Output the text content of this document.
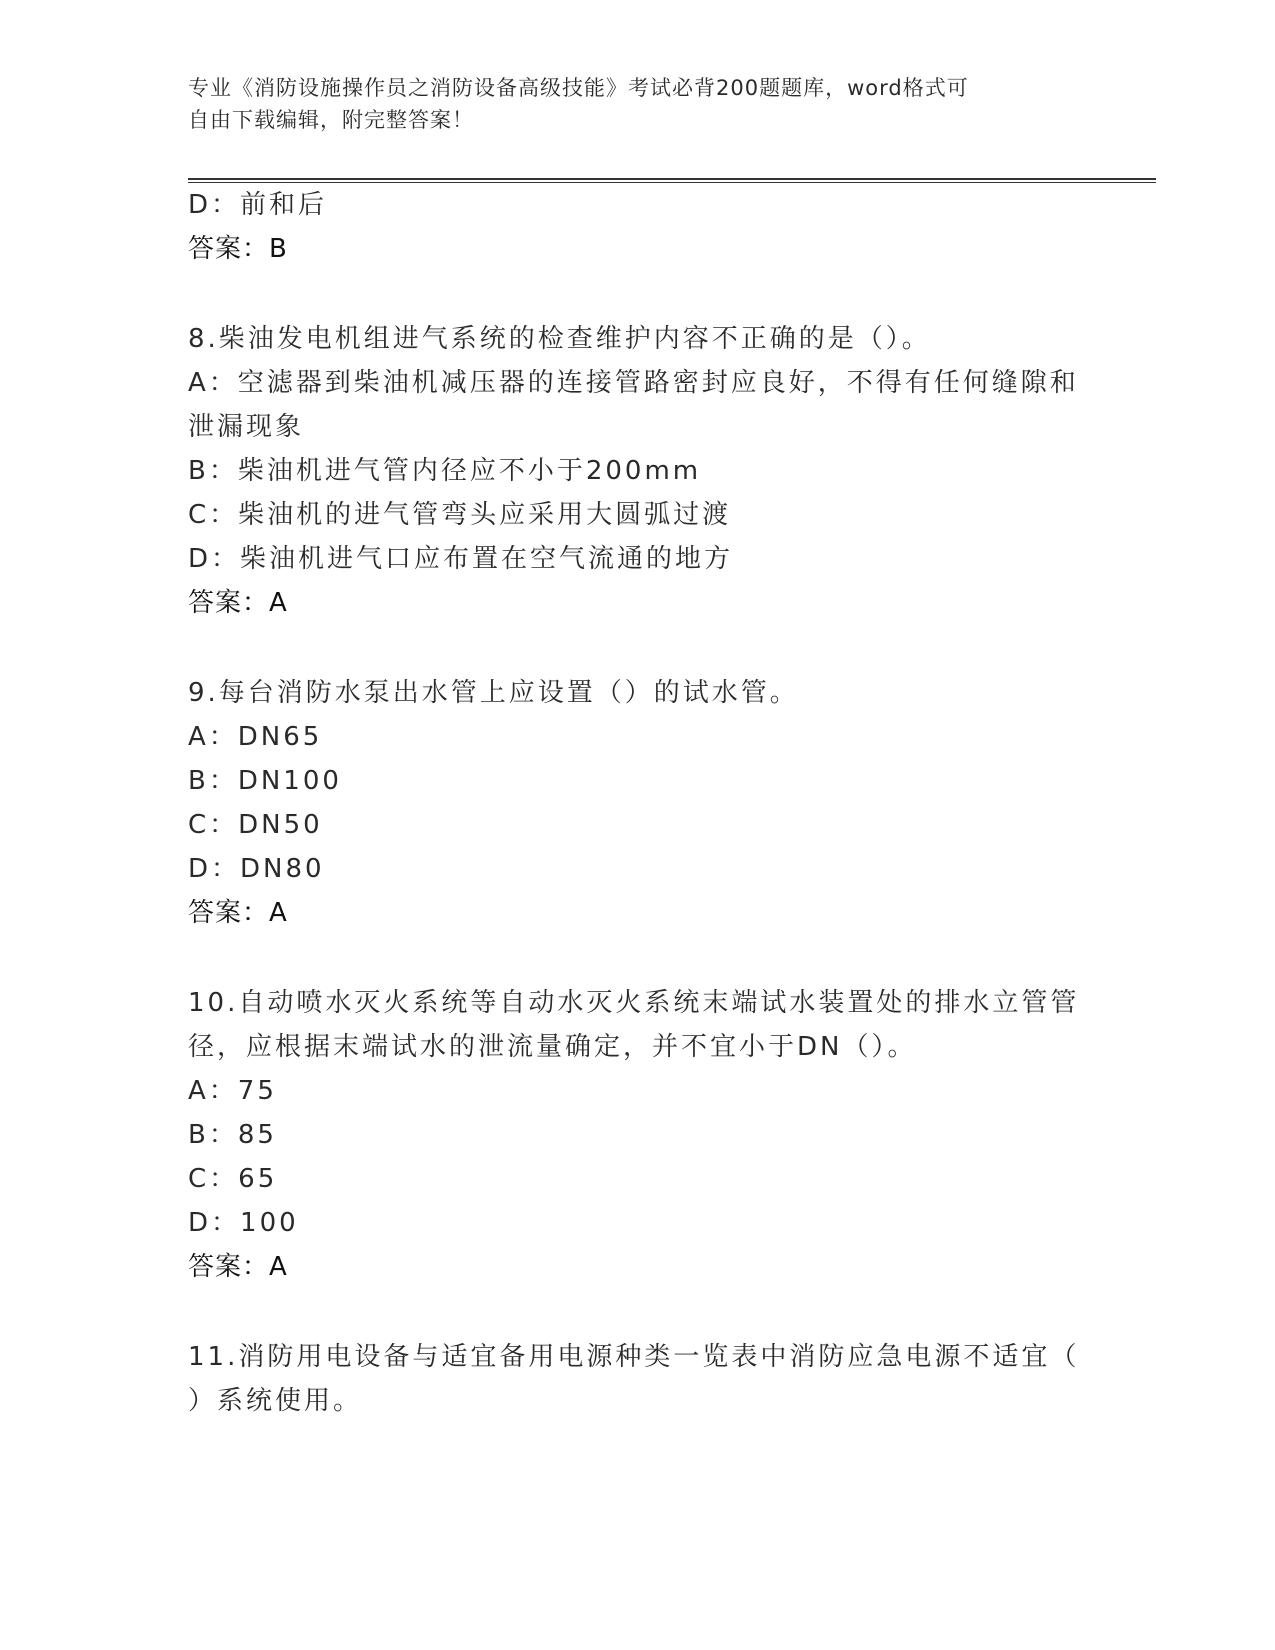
专业《消防设施操作员之消防设备高级技能》考试必背200题题库，word格式可
自由下载编辑，附完整答案！
D：前和后
答案：B
8.柴油发电机组进气系统的检查维护内容不正确的是（）。
A：空滤器到柴油机减压器的连接管路密封应良好，不得有任何缝隙和
泄漏现象
B：柴油机进气管内径应不小于200mm
C：柴油机的进气管弯头应采用大圆弧过渡
D：柴油机进气口应布置在空气流通的地方
答案：A
9.每台消防水泵出水管上应设置（）的试水管。
A：DN65
B：DN100
C：DN50
D：DN80
答案：A
10.自动喷水灭火系统等自动水灭火系统末端试水装置处的排水立管管
径，应根据末端试水的泄流量确定，并不宜小于DN（）。
A：75
B：85
C：65
D：100
答案：A
11.消防用电设备与适宜备用电源种类一览表中消防应急电源不适宜（
）系统使用。
